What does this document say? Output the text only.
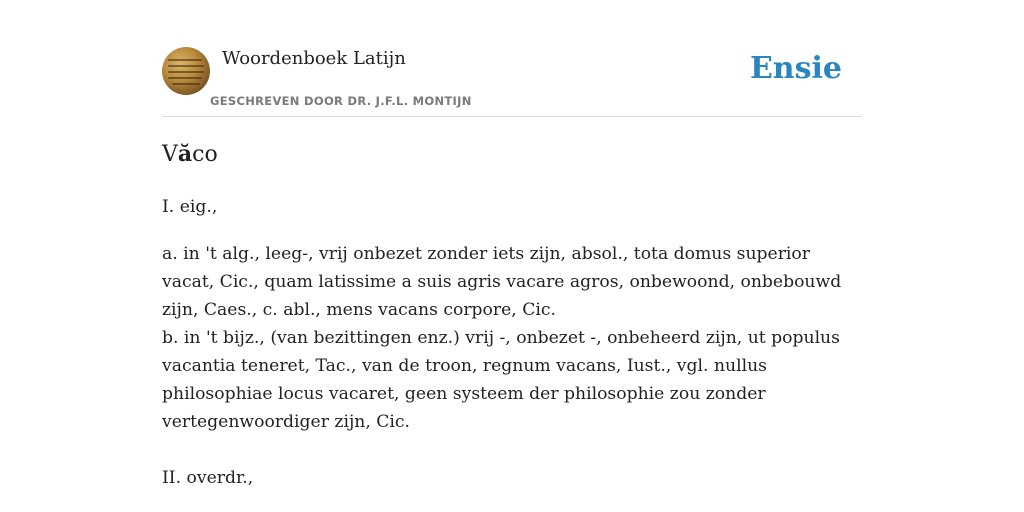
Woordenboek Latijn
GESCHREVEN DOOR DR. J.F.L. MONTIJN
Ensie
Văco

I. eig.,

a. in 't alg., leeg-, vrij onbezet zonder iets zijn, absol., tota domus superior vacat, Cic., quam latissime a suis agris vacare agros, onbewoond, onbebouwd zijn, Caes., c. abl., mens vacans corpore, Cic.
b. in 't bijz., (van bezittingen enz.) vrij -, onbezet -, onbeheerd zijn, ut populus vacantia teneret, Tac., van de troon, regnum vacans, Iust., vgl. nullus philosophiae locus vacaret, geen systeem der philosophie zou zonder vertegenwoordiger zijn, Cic.

II. overdr.,
